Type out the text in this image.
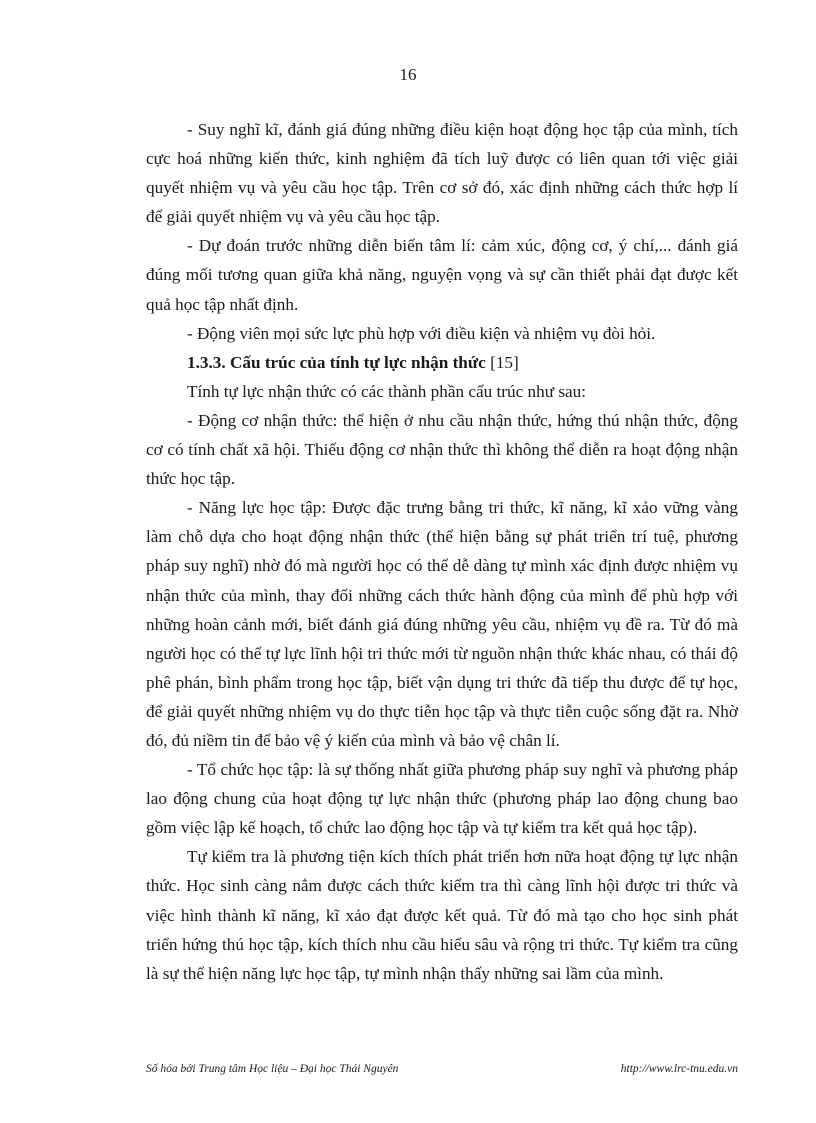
16

- Suy nghĩ kĩ, đánh giá đúng những điều kiện hoạt động học tập của mình, tích cực hoá những kiến thức, kinh nghiệm đã tích luỹ được có liên quan tới việc giải quyết nhiệm vụ và yêu cầu học tập. Trên cơ sở đó, xác định những cách thức hợp lí để giải quyết nhiệm vụ và yêu cầu học tập.

- Dự đoán trước những diễn biến tâm lí: cảm xúc, động cơ, ý chí,... đánh giá đúng mối tương quan giữa khả năng, nguyện vọng và sự cần thiết phải đạt được kết quả học tập nhất định.

- Động viên mọi sức lực phù hợp với điều kiện và nhiệm vụ đòi hỏi.

1.3.3. Cấu trúc của tính tự lực nhận thức [15]

Tính tự lực nhận thức có các thành phần cấu trúc như sau:

- Động cơ nhận thức: thể hiện ở nhu cầu nhận thức, hứng thú nhận thức, động cơ có tính chất xã hội. Thiếu động cơ nhận thức thì không thể diễn ra hoạt động nhận thức học tập.

- Năng lực học tập: Được đặc trưng bằng tri thức, kĩ năng, kĩ xảo vững vàng làm chỗ dựa cho hoạt động nhận thức (thể hiện bằng sự phát triển trí tuệ, phương pháp suy nghĩ) nhờ đó mà người học có thể dễ dàng tự mình xác định được nhiệm vụ nhận thức của mình, thay đổi những cách thức hành động của mình để phù hợp với những hoàn cảnh mới, biết đánh giá đúng những yêu cầu, nhiệm vụ đề ra. Từ đó mà người học có thể tự lực lĩnh hội tri thức mới từ nguồn nhận thức khác nhau, có thái độ phê phán, bình phẩm trong học tập, biết vận dụng tri thức đã tiếp thu được để tự học, để giải quyết những nhiệm vụ do thực tiễn học tập và thực tiễn cuộc sống đặt ra. Nhờ đó, đủ niềm tin để bảo vệ ý kiến của mình và bảo vệ chân lí.

- Tổ chức học tập: là sự thống nhất giữa phương pháp suy nghĩ và phương pháp lao động chung của hoạt động tự lực nhận thức (phương pháp lao động chung bao gồm việc lập kế hoạch, tổ chức lao động học tập và tự kiểm tra kết quả học tập).

Tự kiểm tra là phương tiện kích thích phát triển hơn nữa hoạt động tự lực nhận thức. Học sinh càng nắm được cách thức kiểm tra thì càng lĩnh hội được tri thức và việc hình thành kĩ năng, kĩ xảo đạt được kết quả. Từ đó mà tạo cho học sinh phát triển hứng thú học tập, kích thích nhu cầu hiểu sâu và rộng tri thức. Tự kiểm tra cũng là sự thể hiện năng lực học tập, tự mình nhận thấy những sai lầm của mình.

Số hóa bởi Trung tâm Học liệu – Đại học Thái Nguyên	http://www.lrc-tnu.edu.vn
